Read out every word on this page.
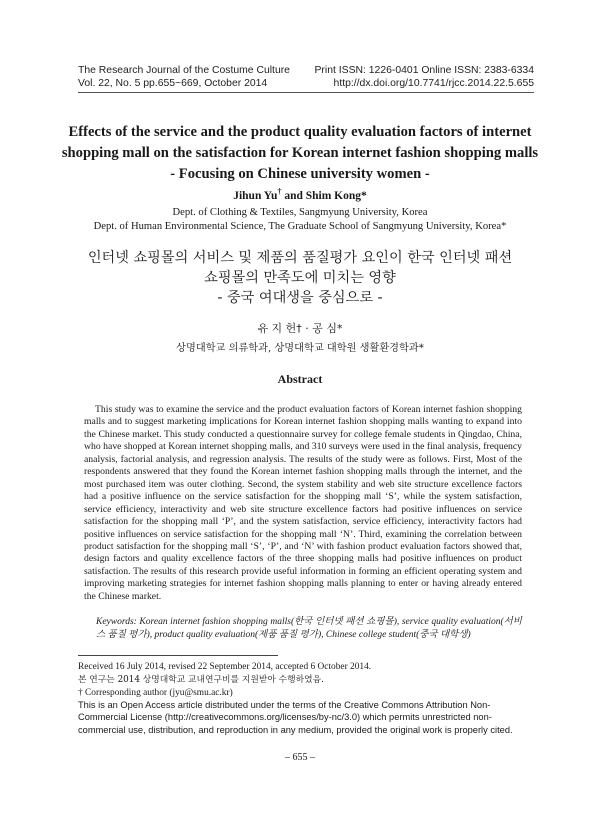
The Research Journal of the Costume Culture
Vol. 22, No. 5 pp.655~669, October 2014
Print ISSN: 1226-0401 Online ISSN: 2383-6334
http://dx.doi.org/10.7741/rjcc.2014.22.5.655
Effects of the service and the product quality evaluation factors of internet
shopping mall on the satisfaction for Korean internet fashion shopping malls
- Focusing on Chinese university women -
Jihun Yu† and Shim Kong*
Dept. of Clothing & Textiles, Sangmyung University, Korea
Dept. of Human Environmental Science, The Graduate School of Sangmyung University, Korea*
인터넷 쇼핑몰의 서비스 및 제품의 품질평가 요인이 한국 인터넷 패션
쇼핑몰의 만족도에 미치는 영향
- 중국 여대생을 중심으로 -
유 지 헌† · 공 심*
상명대학교 의류학과, 상명대학교 대학원 생활환경학과*
Abstract
This study was to examine the service and the product evaluation factors of Korean internet fashion shopping malls and to suggest marketing implications for Korean internet fashion shopping malls wanting to expand into the Chinese market. This study conducted a questionnaire survey for college female students in Qingdao, China, who have shopped at Korean internet shopping malls, and 310 surveys were used in the final analysis, frequency analysis, factorial analysis, and regression analysis. The results of the study were as follows. First, Most of the respondents answered that they found the Korean internet fashion shopping malls through the internet, and the most purchased item was outer clothing. Second, the system stability and web site structure excellence factors had a positive influence on the service satisfaction for the shopping mall ‘S’, while the system satisfaction, service efficiency, interactivity and web site structure excellence factors had positive influences on service satisfaction for the shopping mall ‘P’, and the system satisfaction, service efficiency, interactivity factors had positive influences on service satisfaction for the shopping mall ‘N’. Third, examining the correlation between product satisfaction for the shopping mall ‘S’, ‘P’, and ‘N’ with fashion product evaluation factors showed that, design factors and quality excellence factors of the three shopping malls had positive influences on product satisfaction. The results of this research provide useful information in forming an efficient operating system and improving marketing strategies for internet fashion shopping malls planning to enter or having already entered the Chinese market.
Keywords: Korean internet fashion shopping malls(한국 인터넷 패션 쇼핑몰), service quality evaluation(서비스 품질 평가), product quality evaluation(제품 품질 평가), Chinese college student(중국 대학생)
Received 16 July 2014, revised 22 September 2014, accepted 6 October 2014.
본 연구는 2014 상명대학교 교내연구비를 지원받아 수행하였음.
† Corresponding author (jyu@smu.ac.kr)
This is an Open Access article distributed under the terms of the Creative Commons Attribution Non-Commercial License (http://creativecommons.org/licenses/by-nc/3.0) which permits unrestricted non-commercial use, distribution, and reproduction in any medium, provided the original work is properly cited.
– 655 –
